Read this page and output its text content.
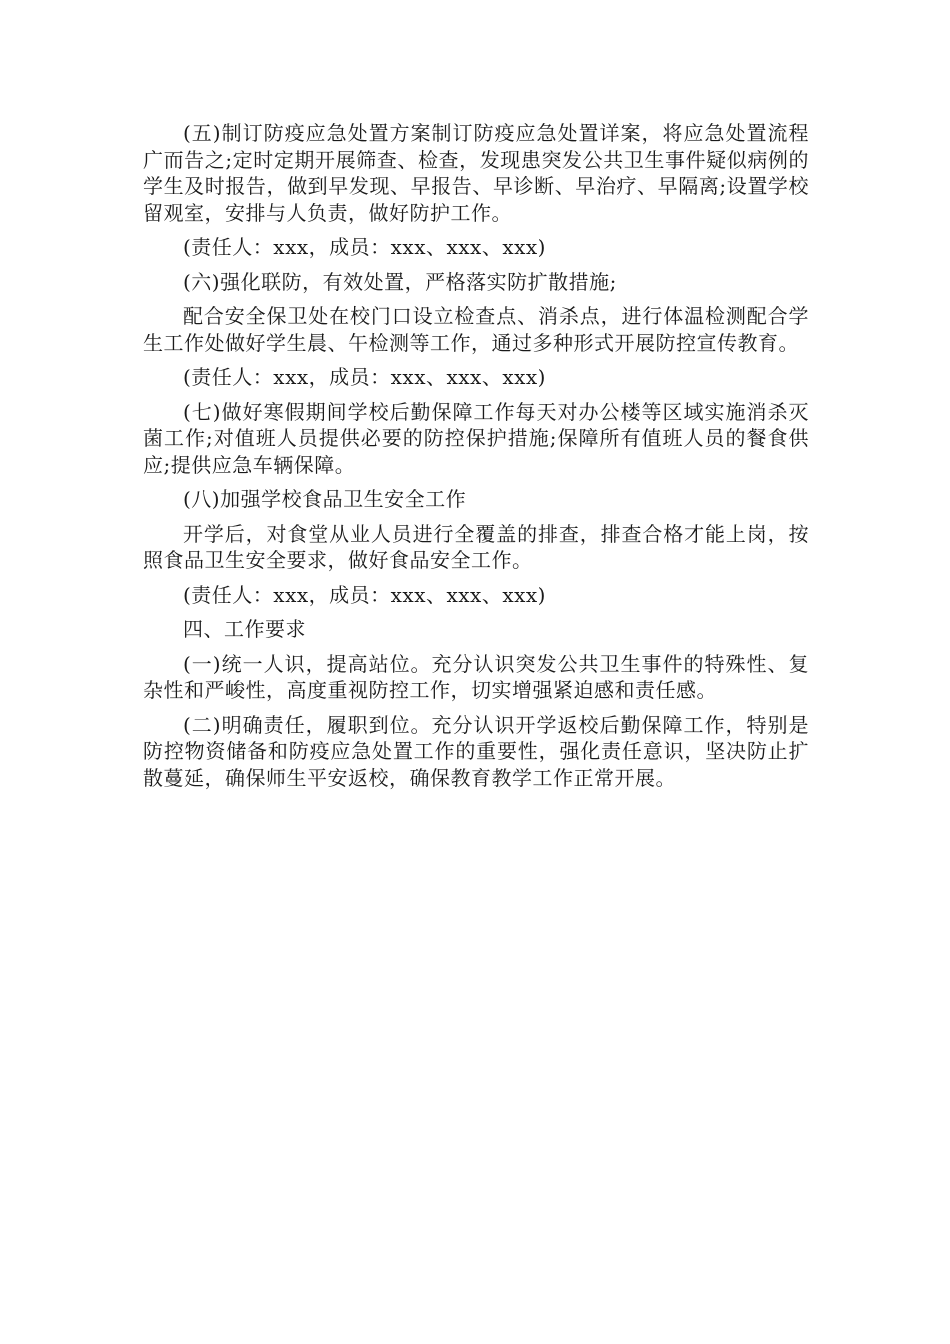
(五)制订防疫应急处置方案制订防疫应急处置详案，将应急处置流程广而告之;定时定期开展筛查、检查，发现患突发公共卫生事件疑似病例的学生及时报告，做到早发现、早报告、早诊断、早治疗、早隔离;设置学校留观室，安排与人负责，做好防护工作。

(责任人：xxx，成员：xxx、xxx、xxx)

(六)强化联防，有效处置，严格落实防扩散措施;

配合安全保卫处在校门口设立检查点、消杀点，进行体温检测配合学生工作处做好学生晨、午检测等工作，通过多种形式开展防控宣传教育。

(责任人：xxx，成员：xxx、xxx、xxx)

(七)做好寒假期间学校后勤保障工作每天对办公楼等区域实施消杀灭菌工作;对值班人员提供必要的防控保护措施;保障所有值班人员的餐食供应;提供应急车辆保障。

(八)加强学校食品卫生安全工作

开学后，对食堂从业人员进行全覆盖的排查，排查合格才能上岗，按照食品卫生安全要求，做好食品安全工作。

(责任人：xxx，成员：xxx、xxx、xxx)

四、工作要求

(一)统一人识，提高站位。充分认识突发公共卫生事件的特殊性、复杂性和严峻性，高度重视防控工作，切实增强紧迫感和责任感。

(二)明确责任，履职到位。充分认识开学返校后勤保障工作，特别是防控物资储备和防疫应急处置工作的重要性，强化责任意识，坚决防止扩散蔓延，确保师生平安返校，确保教育教学工作正常开展。
